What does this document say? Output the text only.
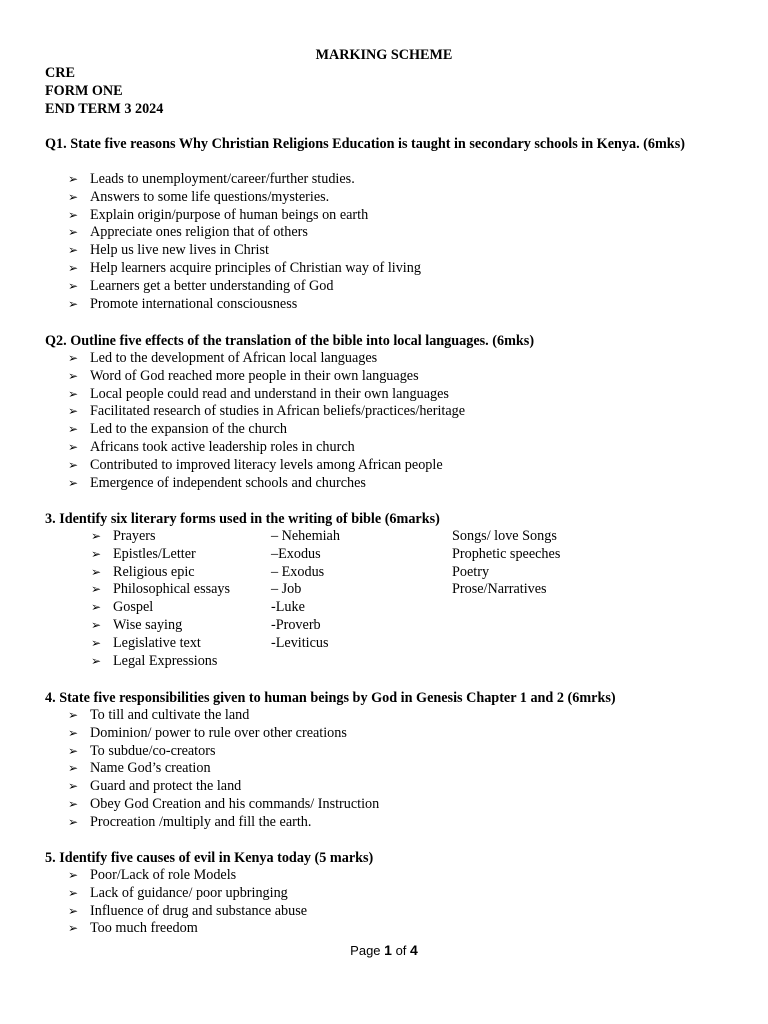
MARKING SCHEME
CRE
FORM ONE
END TERM 3 2024
Q1. State five reasons Why Christian Religions Education is taught in secondary schools in Kenya. (6mks)
➢ Leads to unemployment/career/further studies.
➢ Answers to some life questions/mysteries.
➢ Explain origin/purpose of human beings on earth
➢ Appreciate ones religion that of others
➢ Help us live new lives in Christ
➢ Help learners acquire principles of Christian way of living
➢ Learners get a better understanding of God
➢ Promote international consciousness
Q2. Outline five effects of the translation of the bible into local languages. (6mks)
➢ Led to the development of African local languages
➢ Word of God reached more people in their own languages
➢ Local people could read and understand in their own languages
➢ Facilitated research of studies in African beliefs/practices/heritage
➢ Led to the expansion of the church
➢ Africans took active leadership roles in church
➢ Contributed to improved literacy levels among African people
➢ Emergence of independent schools and churches
3. Identify six literary forms used in the writing of bible (6marks)
➢ Prayers	– Nehemiah	Songs/ love Songs
➢ Epistles/Letter	–Exodus	Prophetic speeches
➢ Religious epic	– Exodus	Poetry
➢ Philosophical essays	– Job	Prose/Narratives
➢ Gospel	-Luke
➢ Wise saying	-Proverb
➢ Legislative text	-Leviticus
➢ Legal Expressions
4. State five responsibilities given to human beings by God in Genesis Chapter 1 and 2 (6mrks)
➢ To till and cultivate the land
➢ Dominion/ power to rule over other creations
➢ To subdue/co-creators
➢ Name God’s creation
➢ Guard and protect the land
➢ Obey God Creation and his commands/ Instruction
➢ Procreation /multiply and fill the earth.
5. Identify five causes of evil in Kenya today (5 marks)
➢ Poor/Lack of role Models
➢ Lack of guidance/ poor upbringing
➢ Influence of drug and substance abuse
➢ Too much freedom
Page 1 of 4
